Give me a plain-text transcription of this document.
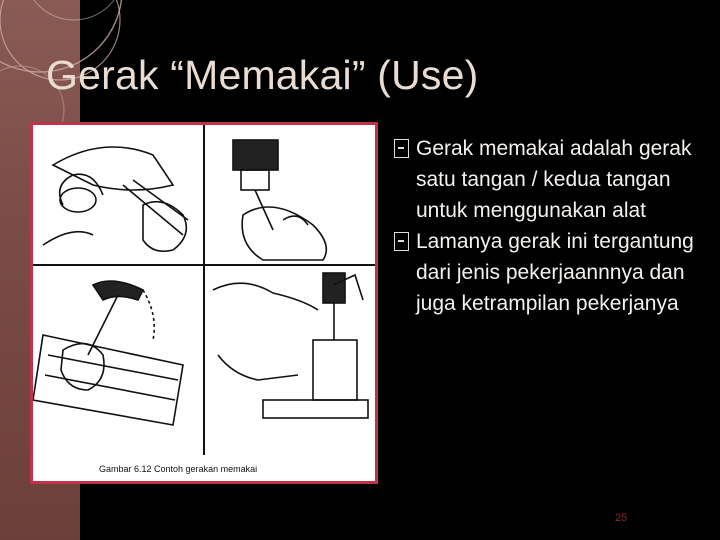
Gerak “Memakai” (Use)
Gambar 6.12 Contoh gerakan memakai
Gerak memakai adalah gerak satu tangan / kedua tangan untuk menggunakan alat
Lamanya gerak ini tergantung dari jenis pekerjaannnya dan juga ketrampilan pekerjanya
25
